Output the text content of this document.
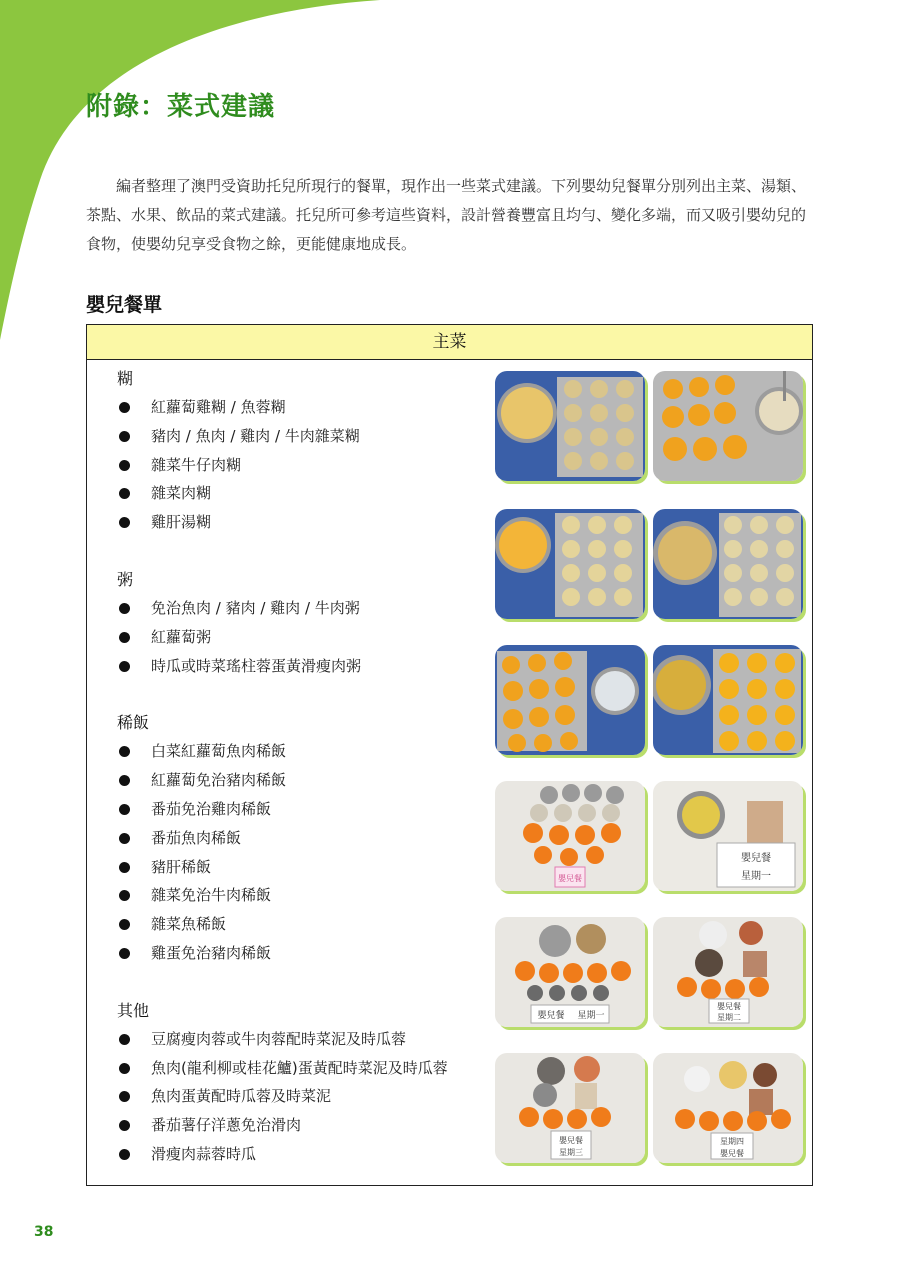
附錄：菜式建議
編者整理了澳門受資助托兒所現行的餐單，現作出一些菜式建議。下列嬰幼兒餐單分別列出主菜、湯類、茶點、水果、飲品的菜式建議。托兒所可參考這些資料，設計營養豐富且均勻、變化多端，而又吸引嬰幼兒的食物，使嬰幼兒享受食物之餘，更能健康地成長。
嬰兒餐單
主菜
糊
紅蘿蔔雞糊 / 魚蓉糊
豬肉 / 魚肉 / 雞肉 / 牛肉雜菜糊
雜菜牛仔肉糊
雜菜肉糊
雞肝湯糊
粥
免治魚肉 / 豬肉 / 雞肉 / 牛肉粥
紅蘿蔔粥
時瓜或時菜瑤柱蓉蛋黃滑瘦肉粥
稀飯
白菜紅蘿蔔魚肉稀飯
紅蘿蔔免治豬肉稀飯
番茄免治雞肉稀飯
番茄魚肉稀飯
豬肝稀飯
雜菜免治牛肉稀飯
雜菜魚稀飯
雞蛋免治豬肉稀飯
其他
豆腐瘦肉蓉或牛肉蓉配時菜泥及時瓜蓉
魚肉(龍利柳或桂花鱸)蛋黃配時菜泥及時瓜蓉
魚肉蛋黃配時瓜蓉及時菜泥
番茄薯仔洋蔥免治滑肉
滑瘦肉蒜蓉時瓜
嬰兒餐
嬰兒餐
星期一
嬰兒餐 星期一
嬰兒餐
星期二
嬰兒餐
星期三
星期四
嬰兒餐
38
